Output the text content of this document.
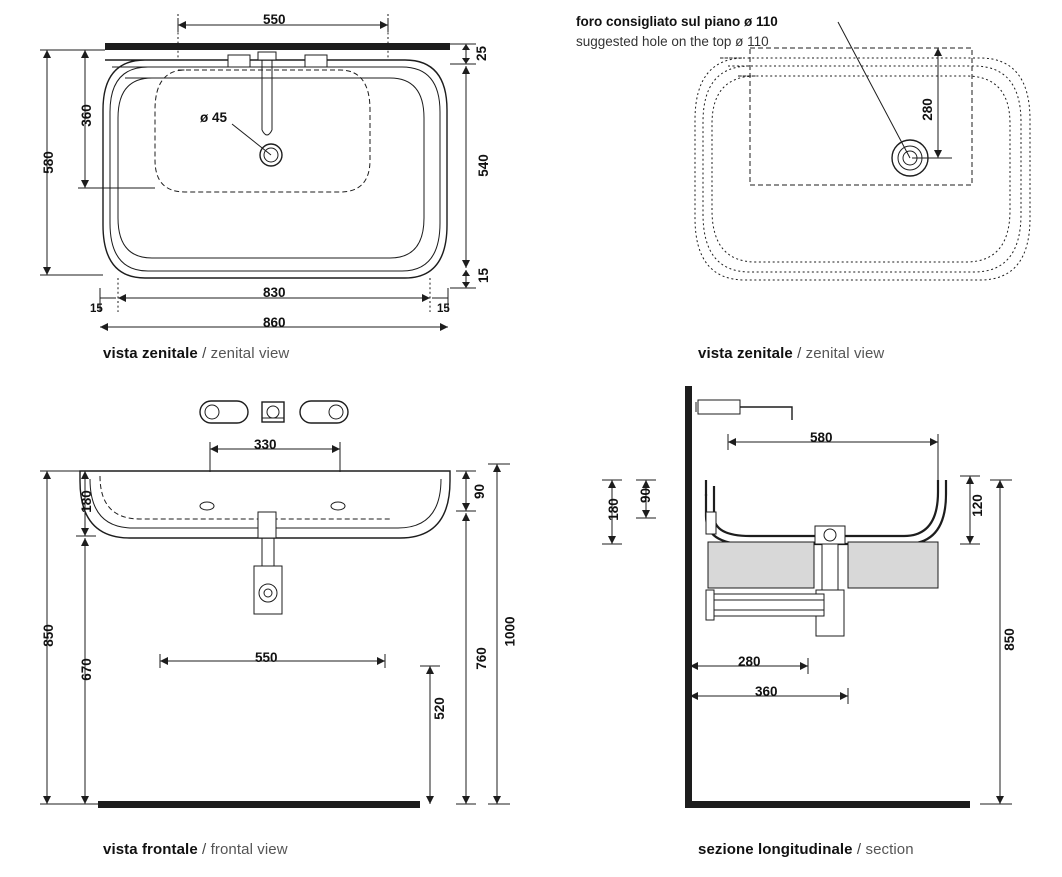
550
580
360
25
540
15
830
15	15
860
ø 45
vista zenitale / zenital view
foro consigliato sul piano ø 110
suggested hole on the top ø 110
280
vista zenitale / zenital view
330
180
850
670
550
90
760
1000
520
vista frontale / frontal view
580
180
90	120
850
280
360
sezione longitudinale / section
